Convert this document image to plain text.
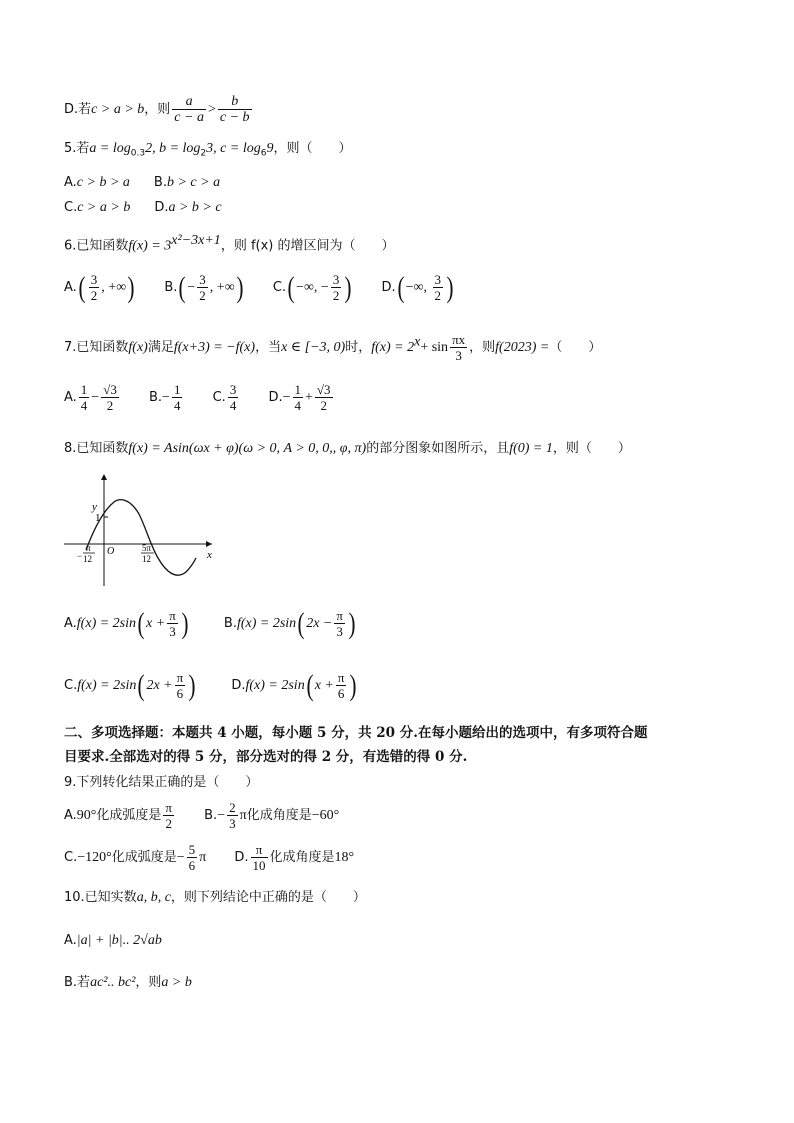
D.若c > a > b，则 $\frac{a}{c - a} > \frac{b}{c - b}$
5.若$a = \log_{0.3}2$, $b = \log_23$, $c = \log_69$，则（　　）
A.c > b > a B.b > c > a
C.c > a > b D.a > b > c
6.已知函数$f(x) = 3^{x^2-3x+1}$，则 f(x) 的增区间为（　　）
$A.( \frac{3}{2}$ , +∞) $B.( - \frac{3}{2}$ , +∞) C.( −∞, − $\frac{3}{2}$ ) D.( −∞, $\frac{3}{2}$ )
7.已知函数f(x)满足f(x+3) = −f(x)，当x ∈ [−3, 0)时，$f(x) = 2^x+ \sin \frac{\pi x}{3}$ ，则f(2023) =（　　）
A. $\frac{1}{4} - \frac{√3}{2} B.- \frac{1}{4} C$. $\frac{3}{4} D.- \frac{1}{4} + \frac{√3}{2}$
8.已知函数f(x) = Asin(ωx + φ)(ω > 0, A > 0, 0,, φ, π)的部分图象如图所示，且f(0) = 1，则（　　）
y
x
1
O
−
π
12
5π
12
A.f(x) = 2sin( $x + \frac{\pi}{3}$ )	B.f(x) = 2sin( $2x - \frac{\pi}{3}$ )
C.f(x) = 2sin( $2x + \frac{\pi}{6}$ )	D.f(x) = 2sin( $x + \frac{\pi}{6}$ )
二、多项选择题：本题共 4 小题，每小题 5 分，共 20 分.在每小题给出的选项中，有多项符合题
目要求.全部选对的得 5 分，部分选对的得 2 分，有选错的得 0 分.
9.下列转化结果正确的是（　　）
A.90°化成弧度是 $\frac{\pi}{2} B.- \frac{2}{3}$ π化成角度是−60°
C.−120°化成弧度是− $\frac{5}{6}$ π D. $\frac{\pi}{10}$ 化成角度是18°
10.已知实数a, b, c，则下列结论中正确的是（　　）
A.|a| + |b|.. 2√ab
B.若ac².. bc²，则a > b
